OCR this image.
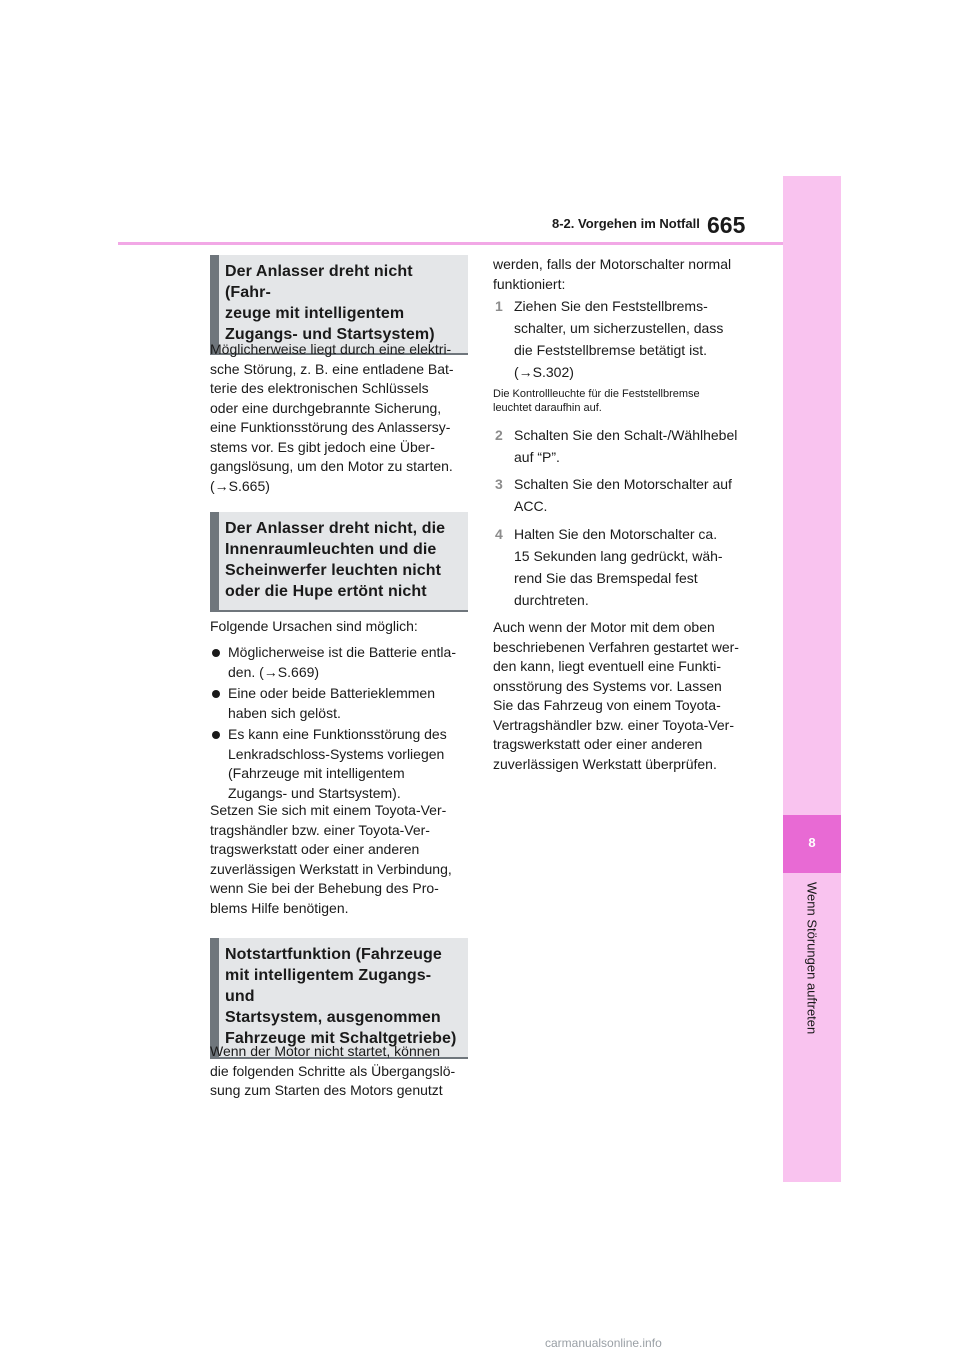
8-2. Vorgehen im Notfall 665
8
Wenn Störungen auftreten
Der Anlasser dreht nicht (Fahr-
zeuge mit intelligentem
Zugangs- und Startsystem)
Möglicherweise liegt durch eine elektri-
sche Störung, z. B. eine entladene Bat-
terie des elektronischen Schlüssels
oder eine durchgebrannte Sicherung,
eine Funktionsstörung des Anlassersy-
stems vor. Es gibt jedoch eine Über-
gangslösung, um den Motor zu starten.
(→S.665)
Der Anlasser dreht nicht, die
Innenraumleuchten und die
Scheinwerfer leuchten nicht
oder die Hupe ertönt nicht
Folgende Ursachen sind möglich:
Möglicherweise ist die Batterie entla-
den. (→S.669)
Eine oder beide Batterieklemmen
haben sich gelöst.
Es kann eine Funktionsstörung des
Lenkradschloss-Systems vorliegen
(Fahrzeuge mit intelligentem
Zugangs- und Startsystem).
Setzen Sie sich mit einem Toyota-Ver-
tragshändler bzw. einer Toyota-Ver-
tragswerkstatt oder einer anderen
zuverlässigen Werkstatt in Verbindung,
wenn Sie bei der Behebung des Pro-
blems Hilfe benötigen.
Notstartfunktion (Fahrzeuge
mit intelligentem Zugangs- und
Startsystem, ausgenommen
Fahrzeuge mit Schaltgetriebe)
Wenn der Motor nicht startet, können
die folgenden Schritte als Übergangslö-
sung zum Starten des Motors genutzt
werden, falls der Motorschalter normal
funktioniert:
1 Ziehen Sie den Feststellbrems-
schalter, um sicherzustellen, dass
die Feststellbremse betätigt ist.
(→S.302)
Die Kontrollleuchte für die Feststellbremse
leuchtet daraufhin auf.
2 Schalten Sie den Schalt-/Wählhebel
auf “P”.
3 Schalten Sie den Motorschalter auf
ACC.
4 Halten Sie den Motorschalter ca.
15 Sekunden lang gedrückt, wäh-
rend Sie das Bremspedal fest
durchtreten.
Auch wenn der Motor mit dem oben
beschriebenen Verfahren gestartet wer-
den kann, liegt eventuell eine Funkti-
onsstörung des Systems vor. Lassen
Sie das Fahrzeug von einem Toyota-
Vertragshändler bzw. einer Toyota-Ver-
tragswerkstatt oder einer anderen
zuverlässigen Werkstatt überprüfen.
carmanualsonline.info
